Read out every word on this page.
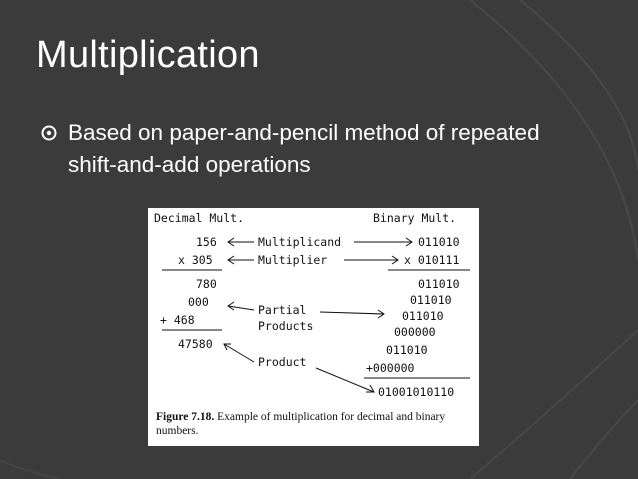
Multiplication
Based on paper-and-pencil method of repeated shift-and-add operations
Decimal Mult.	Binary Mult.
156
x 305
780
000
+ 468
47580
Multiplicand
Multiplier
Partial
Products
Product
011010
x 010111
011010
011010
011010
000000
011010
+000000
01001010110
Figure 7.18. Example of multiplication for decimal and binary numbers.
